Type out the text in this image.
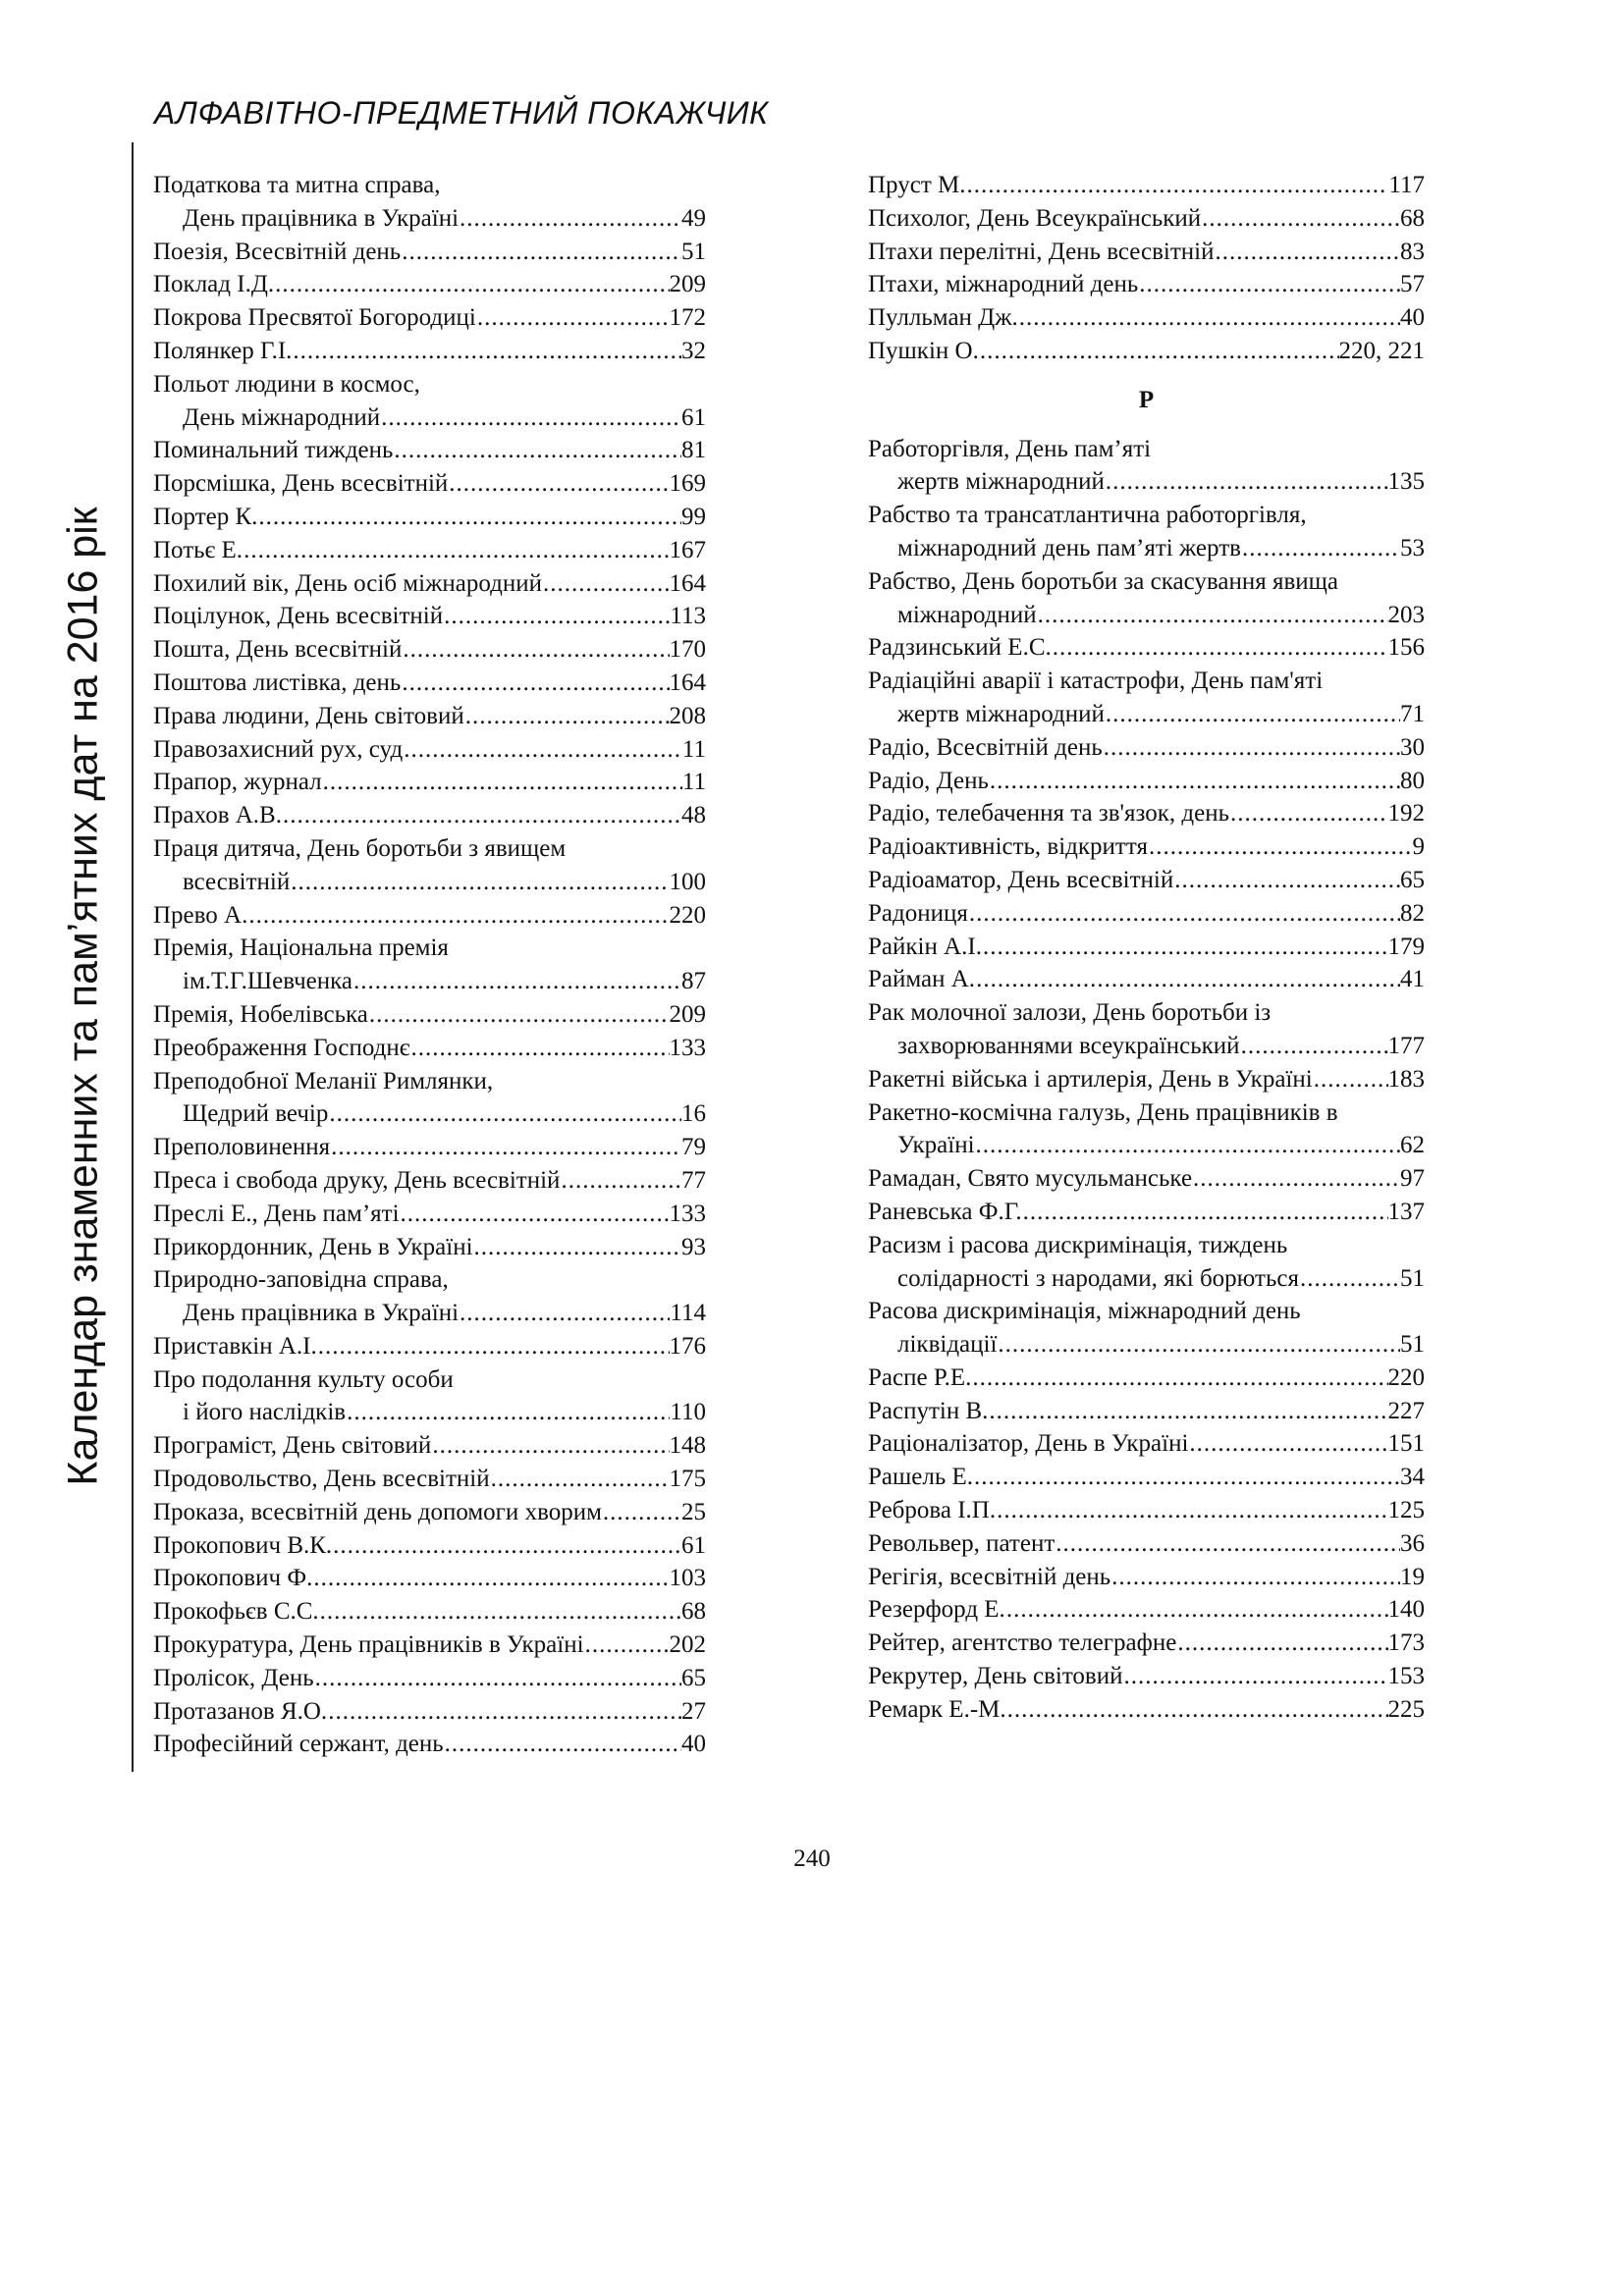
АЛФАВІТНО-ПРЕДМЕТНИЙ ПОКАЖЧИК
Календар знаменних та пам’ятних дат на 2016 рік
Податкова та митна справа,
День працівника в Україні .....	49
Поезія, Всесвітній день .....	51
Поклад І.Д. .....	209
Покрова Пресвятої Богородиці .....	172
Полянкер Г.І. .....	32
Польот людини в космос,
День міжнародний .....	61
Поминальний тиждень .....	81
Порсмішка, День всесвітній .....	169
Портер К. .....	99
Потьє Е. .....	167
Похилий вік, День осіб міжнародний .....	164
Поцілунок, День всесвітній .....	113
Пошта, День всесвітній .....	170
Поштова листівка, день .....	164
Права людини, День світовий .....	208
Правозахисний рух, суд .....	11
Прапор, журнал .....	11
Прахов А.В. .....	48
Праця дитяча, День боротьби з явищем
всесвітній .....	100
Прево А. .....	220
Премія, Національна премія
ім.Т.Г.Шевченка .....	87
Премія, Нобелівська .....	209
Преображення Господнє .....	133
Преподобної Меланії Римлянки,
Щедрий вечір .....	16
Преполовинення .....	79
Преса і свобода друку, День всесвітній .....	77
Преслі Е., День пам’яті .....	133
Прикордонник, День в Україні .....	93
Природно-заповідна справа,
День працівника в Україні .....	114
Приставкін А.І. .....	176
Про подолання культу особи
і його наслідків .....	110
Програміст, День світовий .....	148
Продовольство, День всесвітній .....	175
Проказа, всесвітній день допомоги хворим .....	25
Прокопович В.К. .....	61
Прокопович Ф. .....	103
Прокофьєв С.С. .....	68
Прокуратура, День працівників в Україні .....	202
Пролісок, День .....	65
Протазанов Я.О. .....	27
Професійний сержант, день .....	40
Пруст М. .....	117
Психолог, День Всеукраїнський .....	68
Птахи перелітні, День всесвітній .....	83
Птахи, міжнародний день .....	57
Пулльман Дж. .....	40
Пушкін О. .....	220, 221
Р
Работоргівля, День пам’яті
жертв міжнародний .....	135
Рабство та трансатлантична работоргівля,
міжнародний день пам’яті жертв .....	53
Рабство, День боротьби за скасування явища
міжнародний .....	203
Радзинський Е.С. .....	156
Радіаційні аварії і катастрофи, День пам'яті
жертв міжнародний .....	71
Радіо, Всесвітній день .....	30
Радіо, День .....	80
Радіо, телебачення та зв'язок, день .....	192
Радіоактивність, відкриття .....	9
Радіоаматор, День всесвітній .....	65
Радониця .....	82
Райкін А.І. .....	179
Райман А. .....	41
Рак молочної залози, День боротьби із
захворюваннями всеукраїнський .....	177
Ракетні війська і артилерія, День в Україні .....	183
Ракетно-космічна галузь, День працівників в
Україні .....	62
Рамадан, Свято мусульманське .....	97
Раневська Ф.Г. .....	137
Расизм і расова дискримінація, тиждень
солідарності з народами, які борються .....	51
Расова дискримінація, міжнародний день
ліквідації .....	51
Распе Р.Е. .....	220
Распутін В. .....	227
Раціоналізатор, День в Україні .....	151
Рашель Е. .....	34
Реброва І.П. .....	125
Револьвер, патент .....	36
Регігія, всесвітній день .....	19
Резерфорд Е. .....	140
Рейтер, агентство телеграфне .....	173
Рекрутер, День світовий .....	153
Ремарк Е.-М. .....	225
240
